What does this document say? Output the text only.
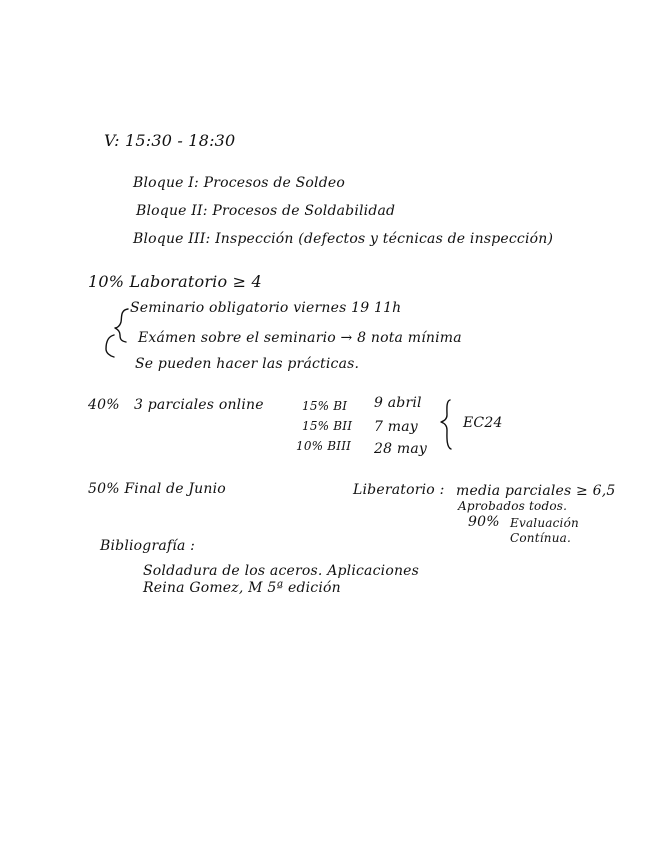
V: 15:30 - 18:30
Bloque I: Procesos de Soldeo
Bloque II: Procesos de Soldabilidad
Bloque III: Inspección (defectos y técnicas de inspección)
10% Laboratorio ≥ 4
Seminario obligatorio viernes 19 11h
Exámen sobre el seminario → 8 nota mínima
Se pueden hacer las prácticas.
40% 3 parciales online	15% BI 9 abril
15% BII 7 may
10% BIII 28 may
EC24
50% Final de Junio	Liberatorio : media parciales ≥ 6,5
Aprobados todos.
90% Evaluación
Contínua.
Bibliografía :
Soldadura de los aceros. Aplicaciones
Reina Gomez, M 5ª edición
